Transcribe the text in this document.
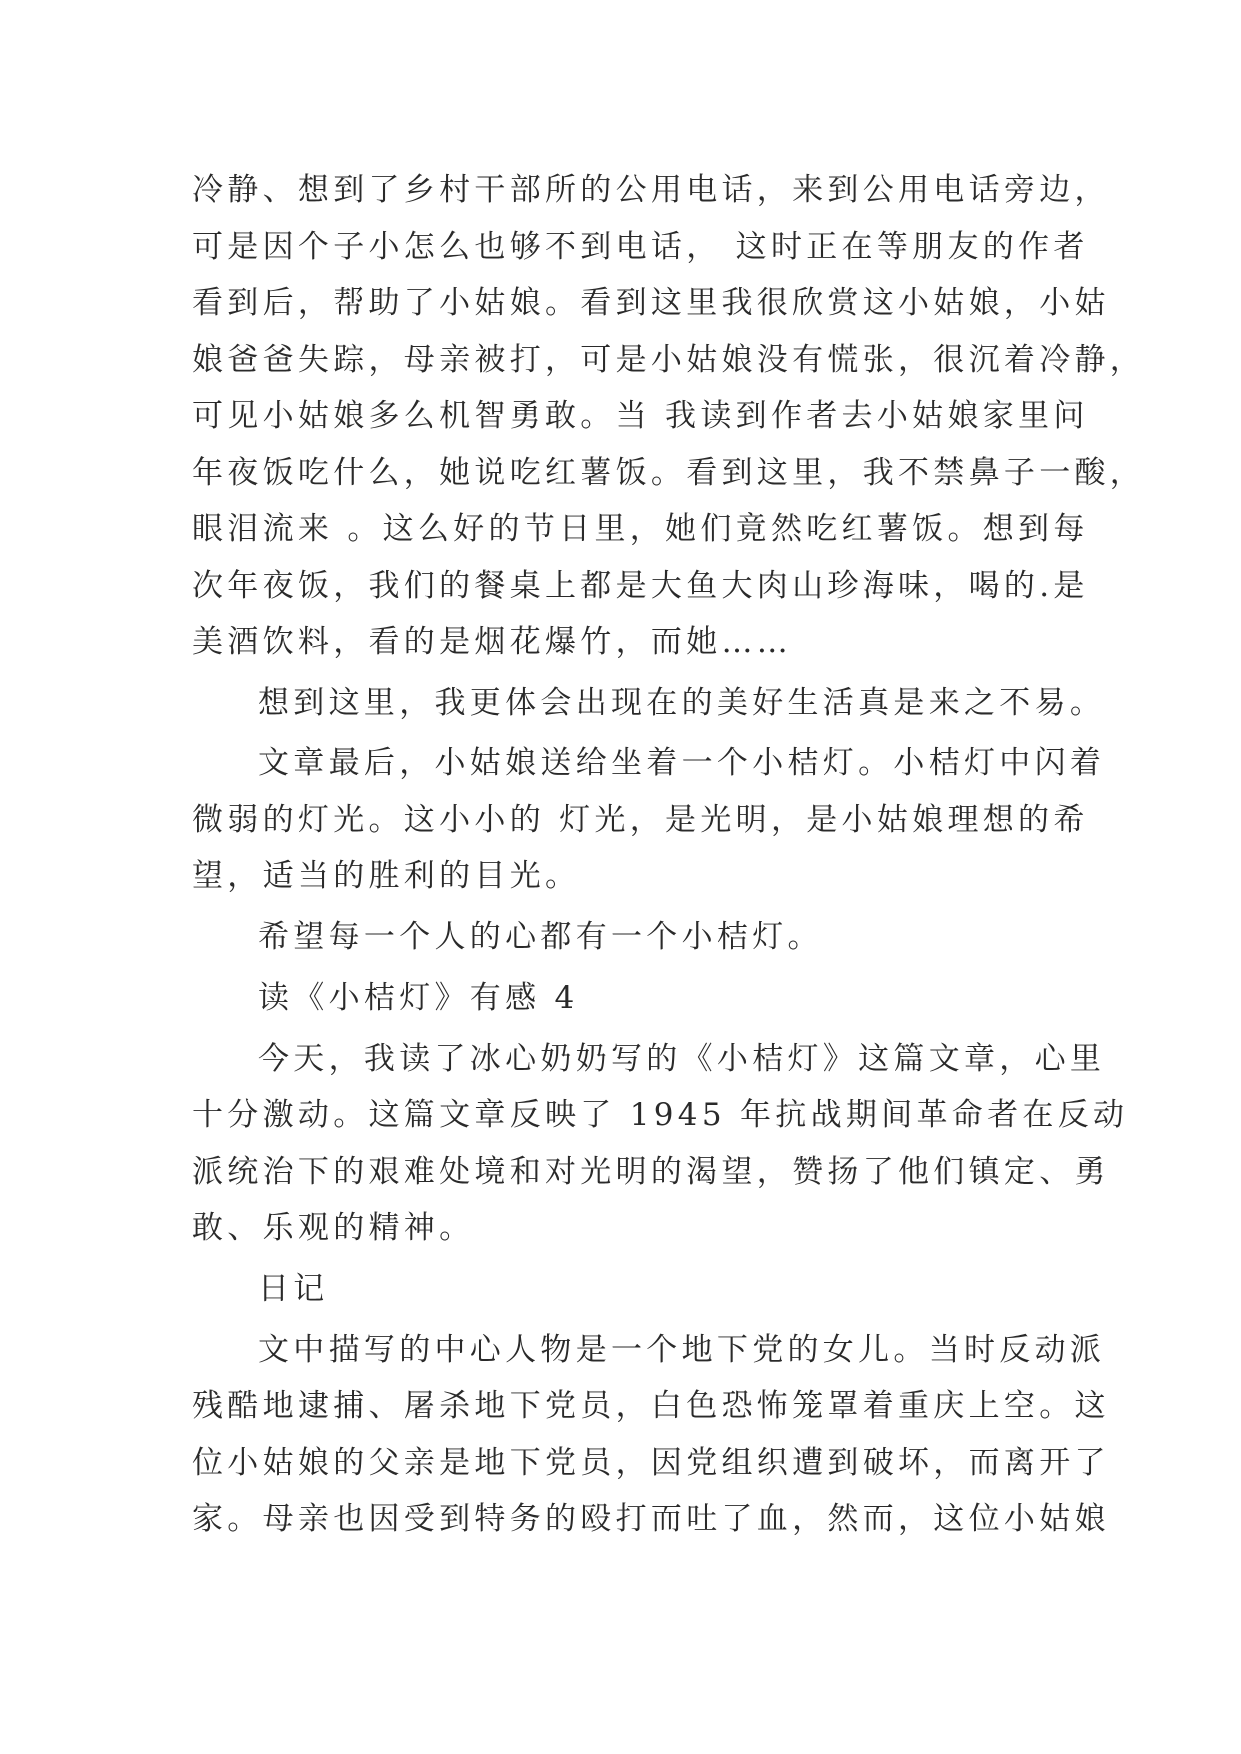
冷静、想到了乡村干部所的公用电话，来到公用电话旁边，
可是因个子小怎么也够不到电话， 这时正在等朋友的作者
看到后，帮助了小姑娘。看到这里我很欣赏这小姑娘，小姑
娘爸爸失踪，母亲被打，可是小姑娘没有慌张，很沉着冷静，
可见小姑娘多么机智勇敢。当 我读到作者去小姑娘家里问
年夜饭吃什么，她说吃红薯饭。看到这里，我不禁鼻子一酸，
眼泪流来 。这么好的节日里，她们竟然吃红薯饭。想到每
次年夜饭，我们的餐桌上都是大鱼大肉山珍海味，喝的.是
美酒饮料，看的是烟花爆竹，而她……
想到这里，我更体会出现在的美好生活真是来之不易。
文章最后，小姑娘送给坐着一个小桔灯。小桔灯中闪着
微弱的灯光。这小小的 灯光，是光明，是小姑娘理想的希
望，适当的胜利的目光。
希望每一个人的心都有一个小桔灯。
读《小桔灯》有感 4
今天，我读了冰心奶奶写的《小桔灯》这篇文章，心里
十分激动。这篇文章反映了 1945 年抗战期间革命者在反动
派统治下的艰难处境和对光明的渴望，赞扬了他们镇定、勇
敢、乐观的精神。
日记
文中描写的中心人物是一个地下党的女儿。当时反动派
残酷地逮捕、屠杀地下党员，白色恐怖笼罩着重庆上空。这
位小姑娘的父亲是地下党员，因党组织遭到破坏，而离开了
家。母亲也因受到特务的殴打而吐了血，然而，这位小姑娘
